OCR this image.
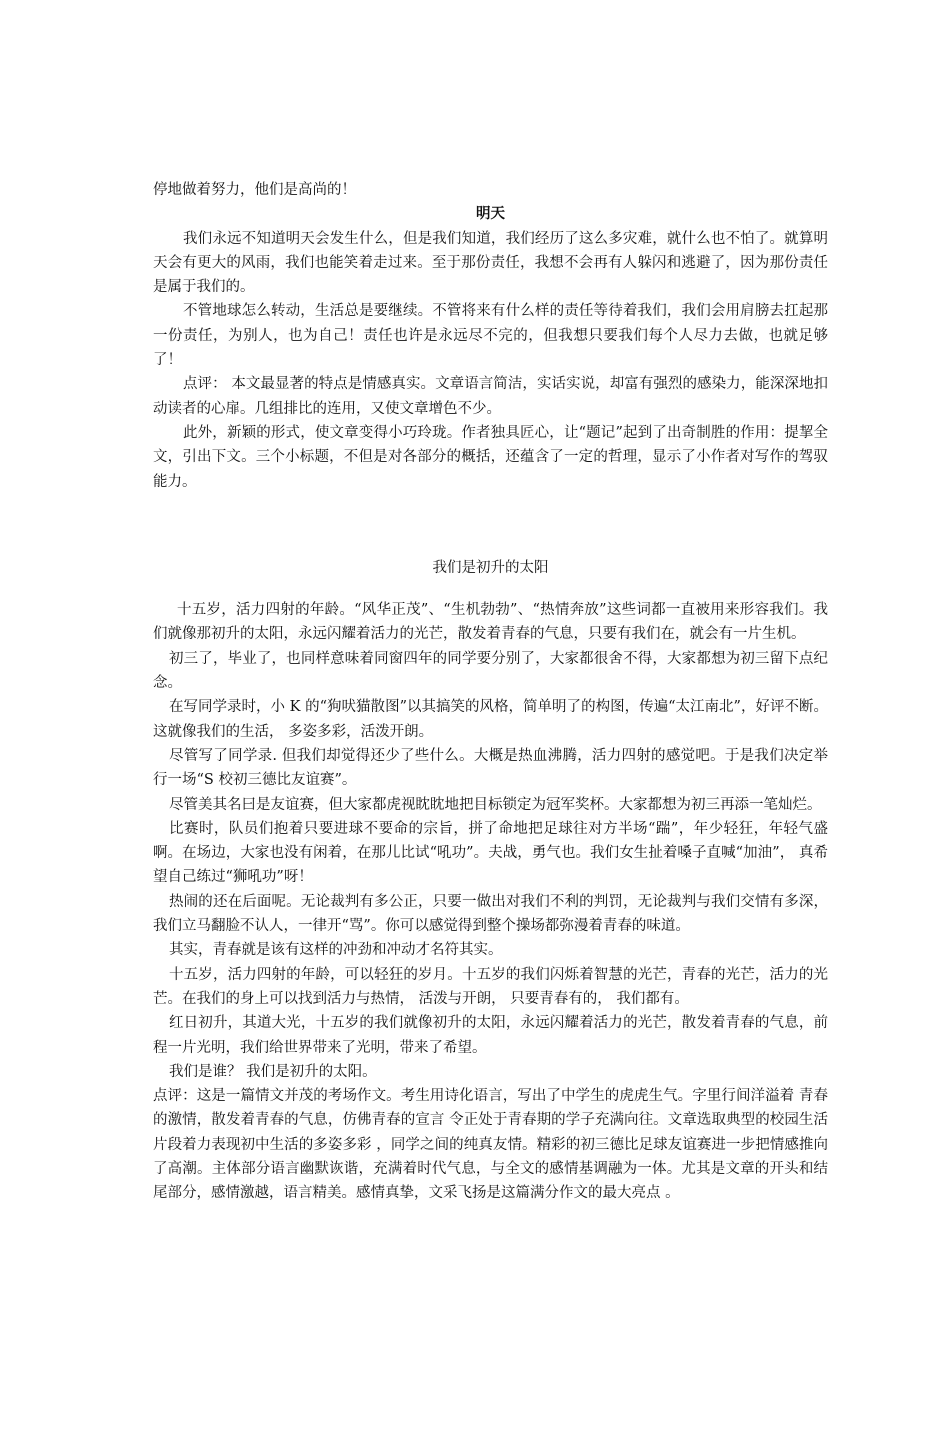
停地做着努力，他们是高尚的！

明天

我们永远不知道明天会发生什么，但是我们知道，我们经历了这么多灾难，就什么也不怕了。就算明天会有更大的风雨，我们也能笑着走过来。至于那份责任，我想不会再有人躲闪和逃避了，因为那份责任是属于我们的。

不管地球怎么转动，生活总是要继续。不管将来有什么样的责任等待着我们，我们会用肩膀去扛起那一份责任，为别人，也为自己！责任也许是永远尽不完的，但我想只要我们每个人尽力去做，也就足够了！

点评： 本文最显著的特点是情感真实。文章语言简洁，实话实说，却富有强烈的感染力，能深深地扣动读者的心扉。几组排比的连用，又使文章增色不少。

此外，新颖的形式，使文章变得小巧玲珑。作者独具匠心，让“题记”起到了出奇制胜的作用：提挈全文，引出下文。三个小标题，不但是对各部分的概括，还蕴含了一定的哲理，显示了小作者对写作的驾驭能力。

我们是初升的太阳

十五岁，活力四射的年龄。“风华正茂”、“生机勃勃”、“热情奔放”这些词都一直被用来形容我们。我们就像那初升的太阳，永远闪耀着活力的光芒，散发着青春的气息，只要有我们在，就会有一片生机。

初三了，毕业了，也同样意味着同窗四年的同学要分别了，大家都很舍不得，大家都想为初三留下点纪念。

在写同学录时，小 K 的“狗吠猫散图”以其搞笑的风格，简单明了的构图，传遍“太江南北”，好评不断。这就像我们的生活， 多姿多彩，活泼开朗。

尽管写了同学录. 但我们却觉得还少了些什么。大概是热血沸腾，活力四射的感觉吧。于是我们决定举行一场“S 校初三德比友谊赛”。

尽管美其名曰是友谊赛，但大家都虎视眈眈地把目标锁定为冠军奖杯。大家都想为初三再添一笔灿烂。

比赛时，队员们抱着只要进球不要命的宗旨，拼了命地把足球往对方半场“踹”，年少轻狂，年轻气盛啊。在场边，大家也没有闲着，在那儿比试“吼功”。夫战，勇气也。我们女生扯着嗓子直喊“加油”， 真希望自己练过“狮吼功”呀！

热闹的还在后面呢。无论裁判有多公正，只要一做出对我们不利的判罚，无论裁判与我们交情有多深，我们立马翻脸不认人，一律开“骂”。你可以感觉得到整个操场都弥漫着青春的味道。

其实，青春就是该有这样的冲劲和冲动才名符其实。

十五岁，活力四射的年龄，可以轻狂的岁月。十五岁的我们闪烁着智慧的光芒，青春的光芒，活力的光芒。在我们的身上可以找到活力与热情， 活泼与开朗， 只要青春有的， 我们都有。

红日初升，其道大光，十五岁的我们就像初升的太阳，永远闪耀着活力的光芒，散发着青春的气息，前程一片光明，我们给世界带来了光明，带来了希望。

我们是谁？ 我们是初升的太阳。

点评：这是一篇情文并茂的考场作文。考生用诗化语言，写出了中学生的虎虎生气。字里行间洋溢着 青春的激情，散发着青春的气息，仿佛青春的宣言 令正处于青春期的学子充满向往。文章选取典型的校园生活片段着力表现初中生活的多姿多彩 ，同学之间的纯真友情。精彩的初三德比足球友谊赛进一步把情感推向了高潮。主体部分语言幽默诙谐，充满着时代气息，与全文的感情基调融为一体。尤其是文章的开头和结尾部分，感情激越，语言精美。感情真挚，文采飞扬是这篇满分作文的最大亮点 。
